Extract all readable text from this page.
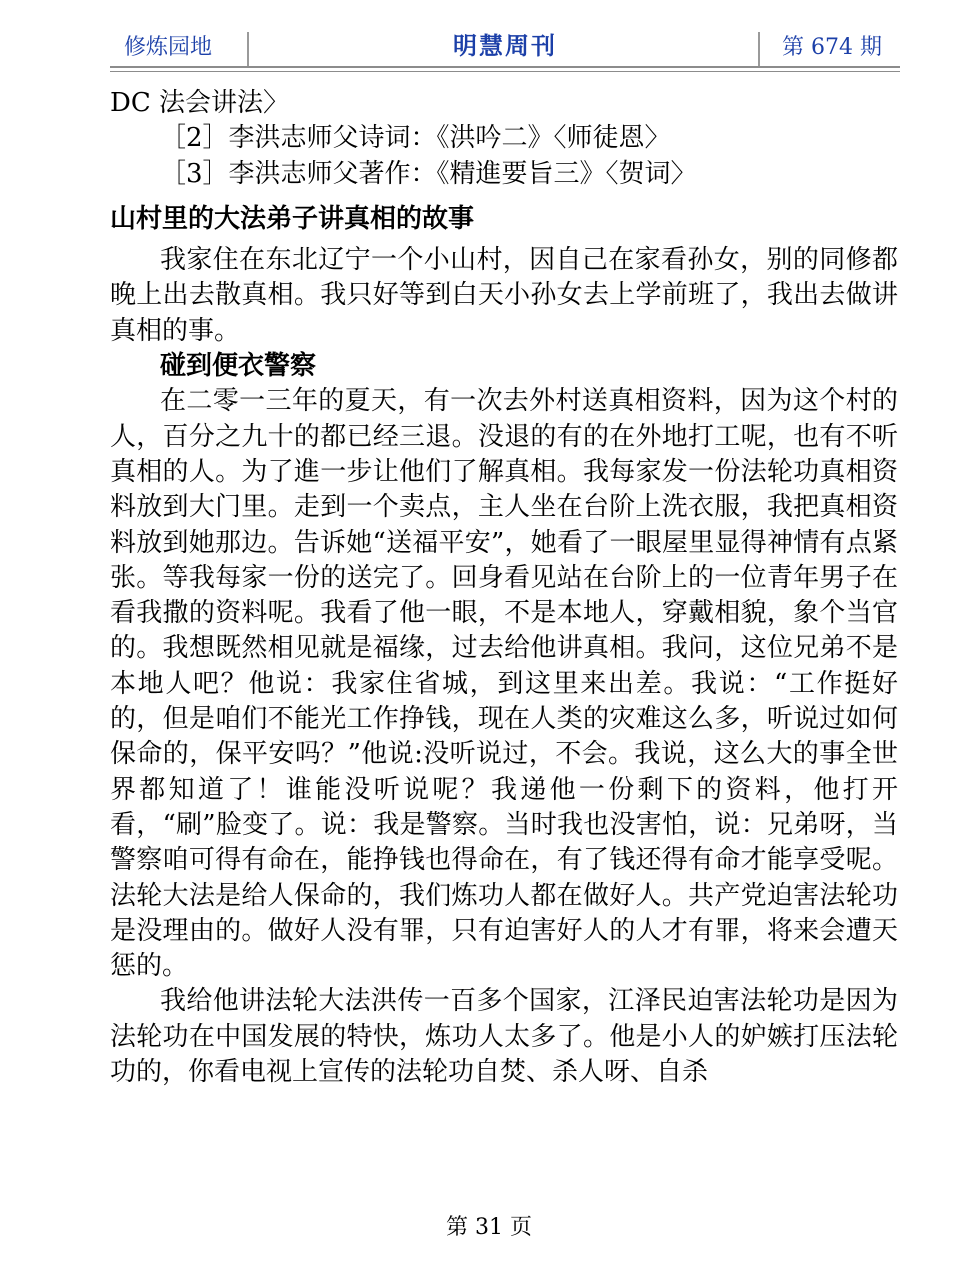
修炼园地	明慧周刊	第 674 期

DC 法会讲法〉

［2］李洪志师父诗词：《洪吟二》〈师徒恩〉

［3］李洪志师父著作：《精進要旨三》〈贺词〉

山村里的大法弟子讲真相的故事

我家住在东北辽宁一个小山村，因自己在家看孙女，别的同修都晚上出去散真相。我只好等到白天小孙女去上学前班了，我出去做讲真相的事。

碰到便衣警察

在二零一三年的夏天，有一次去外村送真相资料，因为这个村的人，百分之九十的都已经三退。没退的有的在外地打工呢，也有不听真相的人。为了進一步让他们了解真相。我每家发一份法轮功真相资料放到大门里。走到一个卖点，主人坐在台阶上洗衣服，我把真相资料放到她那边。告诉她“送福平安”，她看了一眼屋里显得神情有点紧张。等我每家一份的送完了。回身看见站在台阶上的一位青年男子在看我撒的资料呢。我看了他一眼，不是本地人，穿戴相貌，象个当官的。我想既然相见就是福缘，过去给他讲真相。我问，这位兄弟不是本地人吧？他说：我家住省城，到这里来出差。我说：“工作挺好的，但是咱们不能光工作挣钱，现在人类的灾难这么多，听说过如何保命的，保平安吗？”他说:没听说过，不会。我说，这么大的事全世界都知道了！谁能没听说呢？我递他一份剩下的资料，他打开看，“刷”脸变了。说：我是警察。当时我也没害怕，说：兄弟呀，当警察咱可得有命在，能挣钱也得命在，有了钱还得有命才能享受呢。法轮大法是给人保命的，我们炼功人都在做好人。共产党迫害法轮功是没理由的。做好人没有罪，只有迫害好人的人才有罪，将来会遭天惩的。

我给他讲法轮大法洪传一百多个国家，江泽民迫害法轮功是因为法轮功在中国发展的特快，炼功人太多了。他是小人的妒嫉打压法轮功的，你看电视上宣传的法轮功自焚、杀人呀、自杀

第 31 页
